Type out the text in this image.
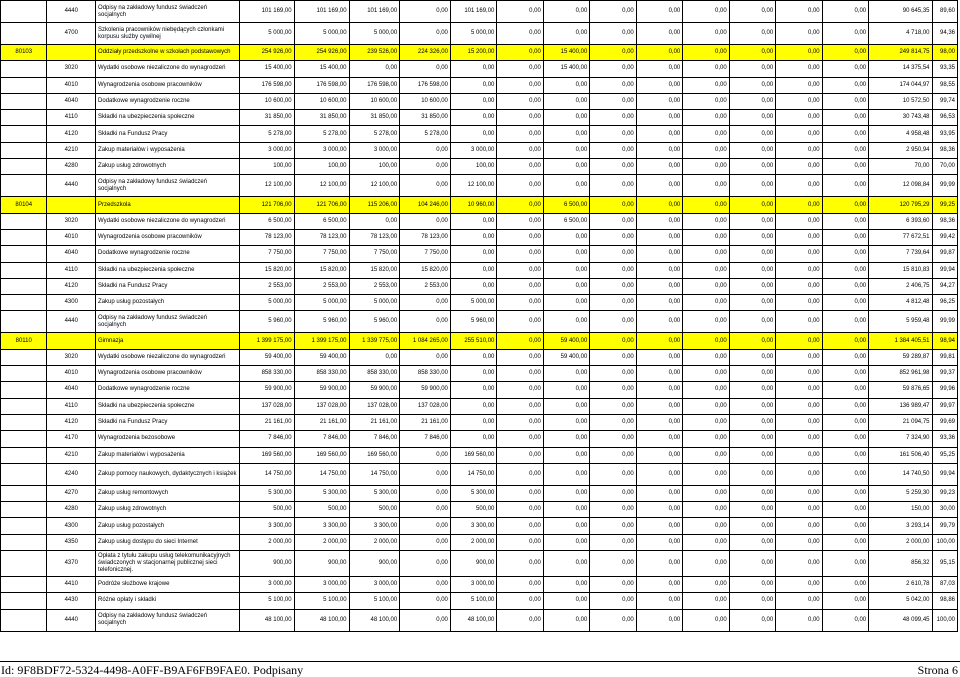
	4440	Odpisy na zakładowy fundusz świadczeń socjalnych	101 169,00	101 169,00	101 169,00	0,00	101 169,00	0,00	0,00	0,00	0,00	0,00	0,00	0,00	0,00	90 645,35	89,60
	4700	Szkolenia pracowników niebędących członkami korpusu służby cywilnej	5 000,00	5 000,00	5 000,00	0,00	5 000,00	0,00	0,00	0,00	0,00	0,00	0,00	0,00	0,00	4 718,00	94,36
80103		Oddziały przedszkolne w szkołach podstawowych	254 926,00	254 926,00	239 526,00	224 326,00	15 200,00	0,00	15 400,00	0,00	0,00	0,00	0,00	0,00	0,00	249 814,75	98,00
	3020	Wydatki osobowe niezaliczone do wynagrodzeń	15 400,00	15 400,00	0,00	0,00	0,00	0,00	15 400,00	0,00	0,00	0,00	0,00	0,00	0,00	14 375,54	93,35
	4010	Wynagrodzenia osobowe pracowników	176 598,00	176 598,00	176 598,00	176 598,00	0,00	0,00	0,00	0,00	0,00	0,00	0,00	0,00	0,00	174 044,97	98,55
	4040	Dodatkowe wynagrodzenie roczne	10 600,00	10 600,00	10 600,00	10 600,00	0,00	0,00	0,00	0,00	0,00	0,00	0,00	0,00	0,00	10 572,50	99,74
	4110	Składki na ubezpieczenia społeczne	31 850,00	31 850,00	31 850,00	31 850,00	0,00	0,00	0,00	0,00	0,00	0,00	0,00	0,00	0,00	30 743,48	96,53
	4120	Składki na Fundusz Pracy	5 278,00	5 278,00	5 278,00	5 278,00	0,00	0,00	0,00	0,00	0,00	0,00	0,00	0,00	0,00	4 958,48	93,95
	4210	Zakup materiałów i wyposażenia	3 000,00	3 000,00	3 000,00	0,00	3 000,00	0,00	0,00	0,00	0,00	0,00	0,00	0,00	0,00	2 950,94	98,36
	4280	Zakup usług zdrowotnych	100,00	100,00	100,00	0,00	100,00	0,00	0,00	0,00	0,00	0,00	0,00	0,00	0,00	70,00	70,00
	4440	Odpisy na zakładowy fundusz świadczeń socjalnych	12 100,00	12 100,00	12 100,00	0,00	12 100,00	0,00	0,00	0,00	0,00	0,00	0,00	0,00	0,00	12 098,84	99,99
80104		Przedszkola	121 706,00	121 706,00	115 206,00	104 246,00	10 960,00	0,00	6 500,00	0,00	0,00	0,00	0,00	0,00	0,00	120 795,29	99,25
	3020	Wydatki osobowe niezaliczone do wynagrodzeń	6 500,00	6 500,00	0,00	0,00	0,00	0,00	6 500,00	0,00	0,00	0,00	0,00	0,00	0,00	6 393,60	98,36
	4010	Wynagrodzenia osobowe pracowników	78 123,00	78 123,00	78 123,00	78 123,00	0,00	0,00	0,00	0,00	0,00	0,00	0,00	0,00	0,00	77 672,51	99,42
	4040	Dodatkowe wynagrodzenie roczne	7 750,00	7 750,00	7 750,00	7 750,00	0,00	0,00	0,00	0,00	0,00	0,00	0,00	0,00	0,00	7 739,64	99,87
	4110	Składki na ubezpieczenia społeczne	15 820,00	15 820,00	15 820,00	15 820,00	0,00	0,00	0,00	0,00	0,00	0,00	0,00	0,00	0,00	15 810,83	99,94
	4120	Składki na Fundusz Pracy	2 553,00	2 553,00	2 553,00	2 553,00	0,00	0,00	0,00	0,00	0,00	0,00	0,00	0,00	0,00	2 406,75	94,27
	4300	Zakup usług pozostałych	5 000,00	5 000,00	5 000,00	0,00	5 000,00	0,00	0,00	0,00	0,00	0,00	0,00	0,00	0,00	4 812,48	96,25
	4440	Odpisy na zakładowy fundusz świadczeń socjalnych	5 960,00	5 960,00	5 960,00	0,00	5 960,00	0,00	0,00	0,00	0,00	0,00	0,00	0,00	0,00	5 959,48	99,99
80110		Gimnazja	1 399 175,00	1 399 175,00	1 339 775,00	1 084 265,00	255 510,00	0,00	59 400,00	0,00	0,00	0,00	0,00	0,00	0,00	1 384 405,51	98,94
	3020	Wydatki osobowe niezaliczone do wynagrodzeń	59 400,00	59 400,00	0,00	0,00	0,00	0,00	59 400,00	0,00	0,00	0,00	0,00	0,00	0,00	59 289,87	99,81
	4010	Wynagrodzenia osobowe pracowników	858 330,00	858 330,00	858 330,00	858 330,00	0,00	0,00	0,00	0,00	0,00	0,00	0,00	0,00	0,00	852 961,98	99,37
	4040	Dodatkowe wynagrodzenie roczne	59 900,00	59 900,00	59 900,00	59 900,00	0,00	0,00	0,00	0,00	0,00	0,00	0,00	0,00	0,00	59 876,65	99,96
	4110	Składki na ubezpieczenia społeczne	137 028,00	137 028,00	137 028,00	137 028,00	0,00	0,00	0,00	0,00	0,00	0,00	0,00	0,00	0,00	136 989,47	99,97
	4120	Składki na Fundusz Pracy	21 161,00	21 161,00	21 161,00	21 161,00	0,00	0,00	0,00	0,00	0,00	0,00	0,00	0,00	0,00	21 094,75	99,69
	4170	Wynagrodzenia bezosobowe	7 846,00	7 846,00	7 846,00	7 846,00	0,00	0,00	0,00	0,00	0,00	0,00	0,00	0,00	0,00	7 324,90	93,36
	4210	Zakup materiałów i wyposażenia	169 560,00	169 560,00	169 560,00	0,00	169 560,00	0,00	0,00	0,00	0,00	0,00	0,00	0,00	0,00	161 506,40	95,25
	4240	Zakup pomocy naukowych, dydaktycznych i książek	14 750,00	14 750,00	14 750,00	0,00	14 750,00	0,00	0,00	0,00	0,00	0,00	0,00	0,00	0,00	14 740,50	99,94
	4270	Zakup usług remontowych	5 300,00	5 300,00	5 300,00	0,00	5 300,00	0,00	0,00	0,00	0,00	0,00	0,00	0,00	0,00	5 259,30	99,23
	4280	Zakup usług zdrowotnych	500,00	500,00	500,00	0,00	500,00	0,00	0,00	0,00	0,00	0,00	0,00	0,00	0,00	150,00	30,00
	4300	Zakup usług pozostałych	3 300,00	3 300,00	3 300,00	0,00	3 300,00	0,00	0,00	0,00	0,00	0,00	0,00	0,00	0,00	3 293,14	99,79
	4350	Zakup usług dostępu do sieci Internet	2 000,00	2 000,00	2 000,00	0,00	2 000,00	0,00	0,00	0,00	0,00	0,00	0,00	0,00	0,00	2 000,00	100,00
	4370	Opłata z tytułu zakupu usług telekomunikacyjnych świadczonych w stacjonarnej publicznej sieci telefonicznej.	900,00	900,00	900,00	0,00	900,00	0,00	0,00	0,00	0,00	0,00	0,00	0,00	0,00	856,32	95,15
	4410	Podróże służbowe krajowe	3 000,00	3 000,00	3 000,00	0,00	3 000,00	0,00	0,00	0,00	0,00	0,00	0,00	0,00	0,00	2 610,78	87,03
	4430	Różne opłaty i składki	5 100,00	5 100,00	5 100,00	0,00	5 100,00	0,00	0,00	0,00	0,00	0,00	0,00	0,00	0,00	5 042,00	98,86
	4440	Odpisy na zakładowy fundusz świadczeń socjalnych	48 100,00	48 100,00	48 100,00	0,00	48 100,00	0,00	0,00	0,00	0,00	0,00	0,00	0,00	0,00	48 099,45	100,00
Id: 9F8BDF72-5324-4498-A0FF-B9AF6FB9FAE0. Podpisany	Strona 6
